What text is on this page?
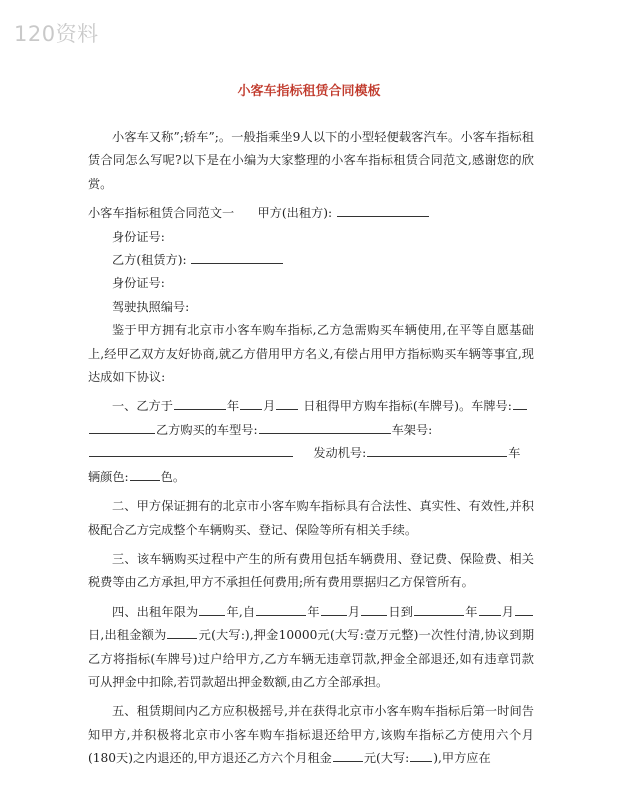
120资料
小客车指标租赁合同模板

小客车又称”;轿车”;。一般指乘坐9人以下的小型轻便载客汽车。小客车指标租赁合同怎么写呢?以下是在小编为大家整理的小客车指标租赁合同范文,感谢您的欣赏。

小客车指标租赁合同范文一 甲方(出租方):

身份证号:

乙方(租赁方):

身份证号:

驾驶执照编号:

鉴于甲方拥有北京市小客车购车指标,乙方急需购买车辆使用,在平等自愿基础上,经甲乙双方友好协商,就乙方借用甲方名义,有偿占用甲方指标购买车辆等事宜,现达成如下协议:

一、乙方于	年 月 日租得甲方购车指标(车牌号)。车牌号:

乙方购买的车型号:	车架号:

发动机号:	车

辆颜色:	色。

二、甲方保证拥有的北京市小客车购车指标具有合法性、真实性、有效性,并积极配合乙方完成整个车辆购买、登记、保险等所有相关手续。

三、该车辆购买过程中产生的所有费用包括车辆费用、登记费、保险费、相关税费等由乙方承担,甲方不承担任何费用;所有费用票据归乙方保管所有。

四、出租年限为 年,自	年 月 日到	年 月日,出租金额为	元(大写:),押金10000元(大写:壹万元整)一次性付清,协议到期乙方将指标(车牌号)过户给甲方,乙方车辆无违章罚款,押金全部退还,如有违章罚款可从押金中扣除,若罚款超出押金数额,由乙方全部承担。

五、租赁期间内乙方应积极摇号,并在获得北京市小客车购车指标后第一时间告知甲方,并积极将北京市小客车购车指标退还给甲方,该购车指标乙方使用六个月(180天)之内退还的,甲方退还乙方六个月租金	元(大写: ),甲方应在
